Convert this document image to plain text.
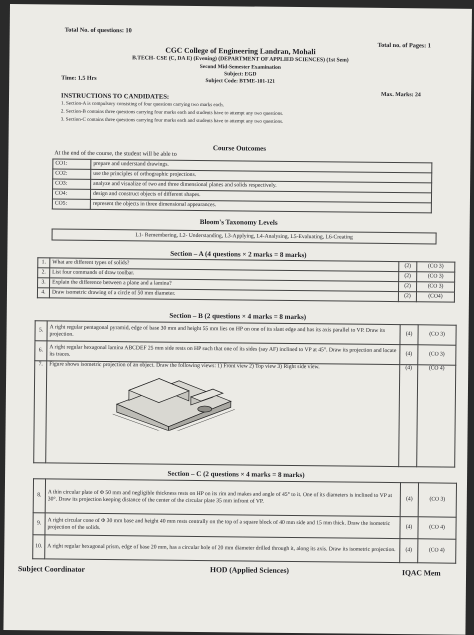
Total No. of questions: 10
Total no. of Pages: 1
CGC College of Engineering Landran, Mohali
B.TECH- CSE (C, DA E) (Evening) (DEPARTMENT OF APPLIED SCIENCES) (1st Sem)
Second Mid-Semester Examination
Subject: EGD
Time: 1.5 Hrs	Subject Code: BTME-101-121
Max. Marks: 24
INSTRUCTIONS TO CANDIDATES:
1. Section-A is compulsory consisting of four questions carrying two marks each.
2. Section-B contains three questions carrying four marks each and students have to attempt any two questions.
3. Section-C contains three questions carrying four marks each and students have to attempt any two questions.
Course Outcomes
At the end of the course, the student will be able to
CO1:	prepare and understand drawings.
CO2:	use the principles of orthographic projections.
CO3:	analyze and visualize of two and three dimensional planes and solids respectively.
CO4:	design and construct objects of different shapes.
CO5:	represent the objects in three dimensional appearances.
Bloom's Taxonomy Levels
L1- Remembering, L2- Understanding, L3-Applying, L4-Analysing, L5-Evaluating, L6-Creating
Section – A (4 questions × 2 marks = 8 marks)
1.	What are different types of solids?	(2)	(CO 3)
2.	List four commands of draw toolbar.	(2)	(CO 3)
3.	Explain the difference between a plane and a lamina?	(2)	(CO 3)
4.	Draw isometric drawing of a circle of 50 mm diameter.	(2)	(CO4)
Section – B (2 questions × 4 marks = 8 marks)
5.	A right regular pentagonal pyramid, edge of base 30 mm and height 55 mm lies on HP on one of its slant edge and has its axis parallel to VP. Draw its projection.	(4)	(CO 3)
6.	A right regular hexagonal lamina ABCDEF 25 mm side rests on HP such that one of its sides (say AF) inclined to VP at 45°. Draw its projection and locate its traces.	(4)	(CO 3)
7.	Figure shows isometric projection of an object. Draw the following views: 1) Front view 2) Top view 3) Right side view.	(4)	(CO 4)
Section – C (2 questions × 4 marks = 8 marks)
8.	A thin circular plate of Φ 50 mm and negligible thickness rests on HP on its rim and makes and angle of 45° to it. One of its diameters is inclined to VP at 30°. Draw its projection keeping distance of the center of the circular plate 35 mm infront of VP.	(4)	(CO 3)
9.	A right circular cone of Φ 30 mm base and height 40 mm rests centrally on the top of a square block of 40 mm side and 15 mm thick. Draw the isometric projection of the solids.	(4)	(CO 4)
10.	A right regular hexagonal prism, edge of base 20 mm, has a circular hole of 20 mm diameter drilled through it, along its axis. Draw its isometric projection.	(4)	(CO 4)
Subject Coordinator	HOD (Applied Sciences)	IQAC Mem
